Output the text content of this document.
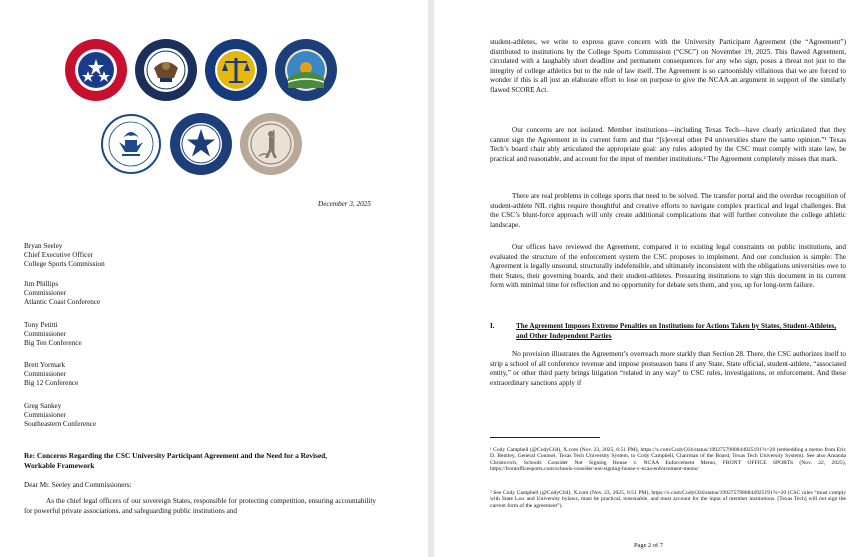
December 3, 2025
Bryan Seeley
Chief Executive Officer
College Sports Commission
Jim Phillips
Commissioner
Atlantic Coast Conference
Tony Petitti
Commissioner
Big Ten Conference
Brett Yormark
Commissioner
Big 12 Conference
Greg Sankey
Commissioner
Southeastern Conference
Re: Concerns Regarding the CSC University Participant Agreement and the Need for a Revised, Workable Framework
Dear Mr. Seeley and Commissioners:
As the chief legal officers of our sovereign States, responsible for protecting competition, ensuring accountability for powerful private associations, and safeguarding public institutions and
student-athletes, we write to express grave concern with the University Participant Agreement (the “Agreement”) distributed to institutions by the College Sports Commission (“CSC”) on November 19, 2025. This flawed Agreement, circulated with a laughably short deadline and permanent consequences for any who sign, poses a threat not just to the integrity of college athletics but to the rule of law itself. The Agreement is so cartoonishly villainous that we are forced to wonder if this is all just an elaborate effort to lose on purpose to give the NCAA an argument in support of the similarly flawed SCORE Act.
Our concerns are not isolated. Member institutions—including Texas Tech—have clearly articulated that they cannot sign the Agreement in its current form and that “[s]everal other P4 universities share the same opinion.”¹ Texas Tech’s board chair ably articulated the appropriate goal: any rules adopted by the CSC must comply with state law, be practical and reasonable, and account for the input of member institutions.² The Agreement completely misses that mark.
There are real problems in college sports that need to be solved. The transfer portal and the overdue recognition of student-athlete NIL rights require thoughtful and creative efforts to navigate complex practical and legal challenges. But the CSC’s blunt-force approach will only create additional complications that will further convolute the college athletic landscape.
Our offices have reviewed the Agreement, compared it to existing legal constraints on public institutions, and evaluated the structure of the enforcement system the CSC proposes to implement. And our conclusion is simple: The Agreement is legally unsound, structurally indefensible, and ultimately inconsistent with the obligations universities owe to their States, their governing boards, and their student-athletes. Pressuring institutions to sign this document in its current form with minimal time for reflection and no opportunity for debate sets them, and you, up for long-term failure.
I.	The Agreement Imposes Extreme Penalties on Institutions for Actions Taken by States, Student-Athletes, and Other Independent Parties
No provision illustrates the Agreement’s overreach more starkly than Section 28. There, the CSC authorizes itself to strip a school of all conference revenue and impose postseason bans if any State, State official, student-athlete, “associated entity,” or other third party brings litigation “related in any way” to CSC rules, investigations, or enforcement. And these extraordinary sanctions apply if
¹ Cody Campbell (@CodyC64), X.com (Nov. 23, 2025, 6:51 PM), https://x.com/CodyC64/status/1992757980844925191?s=20 (embedding a memo from Eric D. Bentley, General Counsel, Texas Tech University System, to Cody Campbell, Chairman of the Board, Texas Tech University System). See also Amanda Christovich, Schools Consider Not Signing House v. NCAA Enforcement Memo, FRONT OFFICE SPORTS (Nov. 22, 2025), https://frontofficesports.com/schools-consider-not-signing-house-v-ncaa-enforcement-memo/
² See Cody Campbell (@CodyC64), X.com (Nov. 23, 2025, 6:51 PM), https://x.com/CodyC64/status/1992757980844925191?s=20 (CSC rules “must comply with State Law and University bylaws, must be practical, reasonable, and must account for the input of member institutions. [Texas Tech] will not sign the current form of the agreement”).
Page 2 of 7
